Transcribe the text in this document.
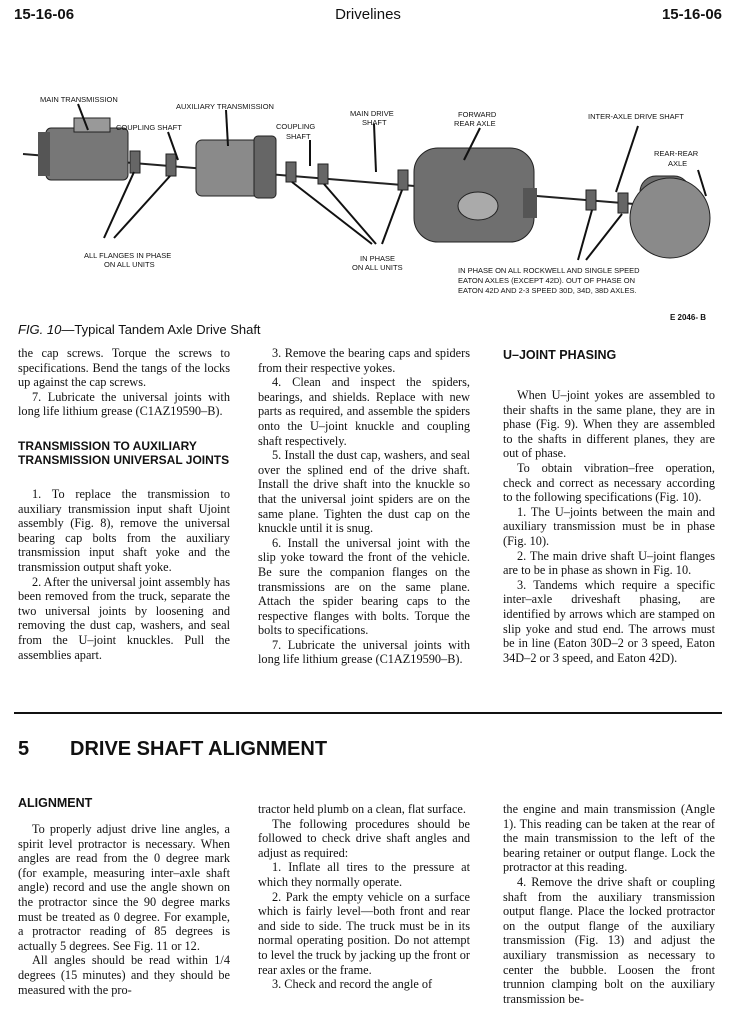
15-16-06	Drivelines	15-16-06
MAIN TRANSMISSION
AUXILIARY TRANSMISSION
COUPLING SHAFT	COUPLING
SHAFT
MAIN DRIVE
SHAFT
FORWARD
REAR AXLE
INTER-AXLE DRIVE SHAFT
REAR-REAR
AXLE
ALL FLANGES IN PHASE
ON ALL UNITS
IN PHASE
ON ALL UNITS	IN PHASE ON ALL ROCKWELL AND SINGLE SPEED
EATON AXLES (EXCEPT 42D). OUT OF PHASE ON
EATON 42D AND 2-3 SPEED 30D, 34D, 38D AXLES.
E 2046- B
FIG. 10—Typical Tandem Axle Drive Shaft

the cap screws. Torque the screws to specifications. Bend the tangs of the locks up against the cap screws.

7. Lubricate the universal joints with long life lithium grease (C1AZ19590–B).

TRANSMISSION TO AUXILIARY TRANSMISSION UNIVERSAL JOINTS

1. To replace the transmission to auxiliary transmission input shaft Ujoint assembly (Fig. 8), remove the universal bearing cap bolts from the auxiliary transmission input shaft yoke and the transmission output shaft yoke.

2. After the universal joint assembly has been removed from the truck, separate the two universal joints by loosening and removing the dust cap, washers, and seal from the U–joint knuckles. Pull the assemblies apart.

3. Remove the bearing caps and spiders from their respective yokes.

4. Clean and inspect the spiders, bearings, and shields. Replace with new parts as required, and assemble the spiders onto the U–joint knuckle and coupling shaft respectively.

5. Install the dust cap, washers, and seal over the splined end of the drive shaft. Install the drive shaft into the knuckle so that the universal joint spiders are on the same plane. Tighten the dust cap on the knuckle until it is snug.

6. Install the universal joint with the slip yoke toward the front of the vehicle. Be sure the companion flanges on the transmissions are on the same plane. Attach the spider bearing caps to the respective flanges with bolts. Torque the bolts to specifications.

7. Lubricate the universal joints with long life lithium grease (C1AZ19590–B).

U–JOINT PHASING

When U–joint yokes are assembled to their shafts in the same plane, they are in phase (Fig. 9). When they are assembled to the shafts in different planes, they are out of phase.

To obtain vibration–free operation, check and correct as necessary according to the following specifications (Fig. 10).

1. The U–joints between the main and auxiliary transmission must be in phase (Fig. 10).

2. The main drive shaft U–joint flanges are to be in phase as shown in Fig. 10.

3. Tandems which require a specific inter–axle driveshaft phasing, are identified by arrows which are stamped on slip yoke and stud end. The arrows must be in line (Eaton 30D–2 or 3 speed, Eaton 34D–2 or 3 speed, and Eaton 42D).

5 DRIVE SHAFT ALIGNMENT

ALIGNMENT

To properly adjust drive line angles, a spirit level protractor is necessary. When angles are read from the 0 degree mark (for example, measuring inter–axle shaft angle) record and use the angle shown on the protractor since the 90 degree marks must be treated as 0 degree. For example, a protractor reading of 85 degrees is actually 5 degrees. See Fig. 11 or 12.

All angles should be read within 1/4 degrees (15 minutes) and they should be measured with the pro-

tractor held plumb on a clean, flat surface.

The following procedures should be followed to check drive shaft angles and adjust as required:

1. Inflate all tires to the pressure at which they normally operate.

2. Park the empty vehicle on a surface which is fairly level—both front and rear and side to side. The truck must be in its normal operating position. Do not attempt to level the truck by jacking up the front or rear axles or the frame.

3. Check and record the angle of

the engine and main transmission (Angle 1). This reading can be taken at the rear of the main transmission to the left of the bearing retainer or output flange. Lock the protractor at this reading.

4. Remove the drive shaft or coupling shaft from the auxiliary transmission output flange. Place the locked protractor on the output flange of the auxiliary transmission (Fig. 13) and adjust the auxiliary transmission as necessary to center the bubble. Loosen the front trunnion clamping bolt on the auxiliary transmission be-
